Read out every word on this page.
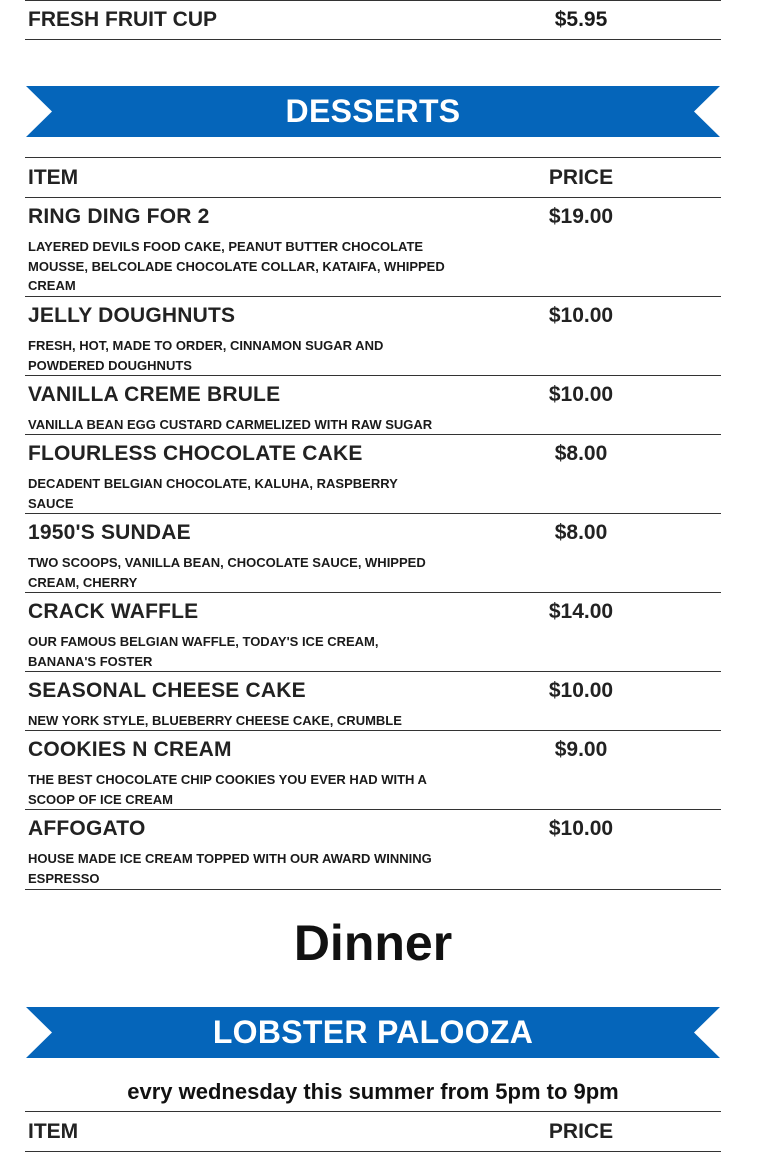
FRESH FRUIT CUP	$5.95
DESSERTS
ITEM	PRICE
RING DING FOR 2	$19.00
LAYERED DEVILS FOOD CAKE, PEANUT BUTTER CHOCOLATE MOUSSE, BELCOLADE CHOCOLATE COLLAR, KATAIFA, WHIPPED CREAM
JELLY DOUGHNUTS	$10.00
FRESH, HOT, MADE TO ORDER, CINNAMON SUGAR AND POWDERED DOUGHNUTS
VANILLA CREME BRULE	$10.00
VANILLA BEAN EGG CUSTARD CARMELIZED WITH RAW SUGAR
FLOURLESS CHOCOLATE CAKE	$8.00
DECADENT BELGIAN CHOCOLATE, KALUHA, RASPBERRY SAUCE
1950'S SUNDAE	$8.00
TWO SCOOPS, VANILLA BEAN, CHOCOLATE SAUCE, WHIPPED CREAM, CHERRY
CRACK WAFFLE	$14.00
OUR FAMOUS BELGIAN WAFFLE, TODAY'S ICE CREAM, BANANA'S FOSTER
SEASONAL CHEESE CAKE	$10.00
NEW YORK STYLE, BLUEBERRY CHEESE CAKE, CRUMBLE
COOKIES N CREAM	$9.00
THE BEST CHOCOLATE CHIP COOKIES YOU EVER HAD WITH A SCOOP OF ICE CREAM
AFFOGATO	$10.00
HOUSE MADE ICE CREAM TOPPED WITH OUR AWARD WINNING ESPRESSO
Dinner
LOBSTER PALOOZA
evry wednesday this summer from 5pm to 9pm
ITEM	PRICE
